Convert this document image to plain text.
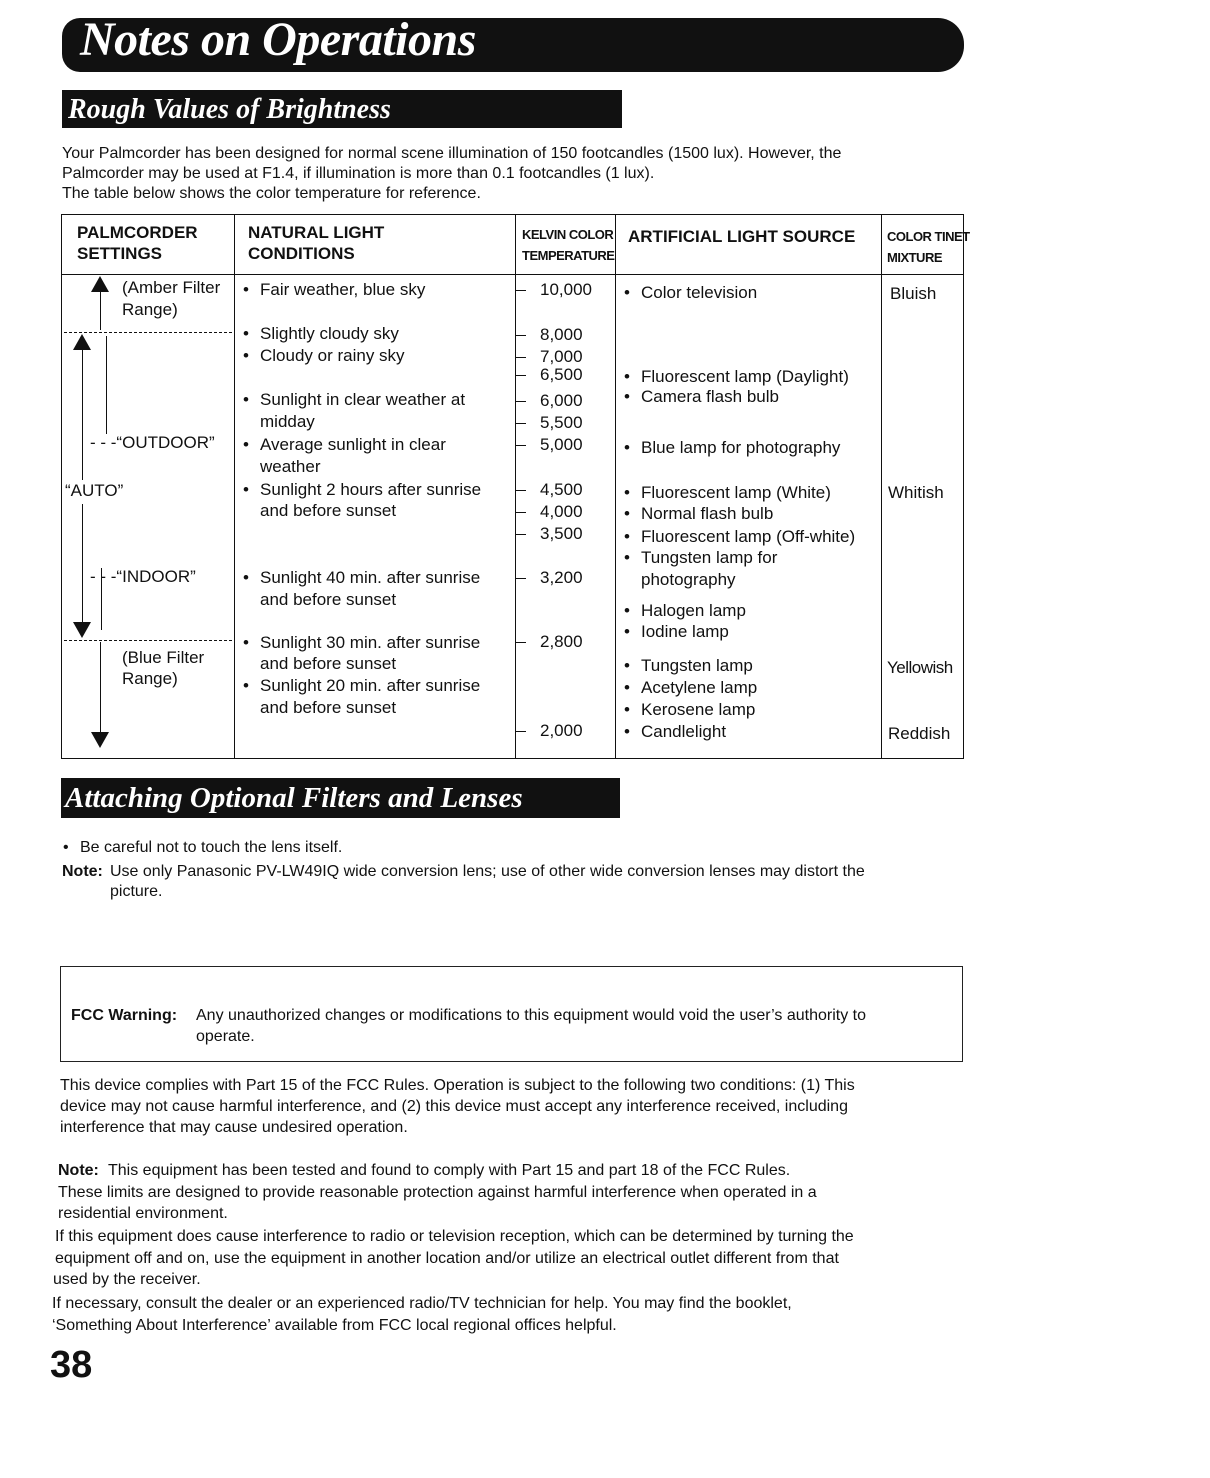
Notes on Operations
Rough Values of Brightness
Your Palmcorder has been designed for normal scene illumination of 150 footcandles (1500 lux). However, the
Palmcorder may be used at F1.4, if illumination is more than 0.1 footcandles (1 lux).
The table below shows the color temperature for reference.
PALMCORDER
SETTINGS
NATURAL LIGHT
CONDITIONS
KELVIN COLOR
TEMPERATURE
ARTIFICIAL LIGHT SOURCE COLOR TINET
MIXTURE
(Amber Filter
Range)
- - -“OUTDOOR”
“AUTO”
- - -“INDOOR”
(Blue Filter
Range)
• Fair weather, blue sky
• Slightly cloudy sky
• Cloudy or rainy sky
• Sunlight in clear weather at
midday
• Average sunlight in clear
weather
• Sunlight 2 hours after sunrise
and before sunset
• Sunlight 40 min. after sunrise
and before sunset
• Sunlight 30 min. after sunrise
and before sunset
• Sunlight 20 min. after sunrise
and before sunset
10,000
8,000
7,000
6,500
6,000
5,500
5,000
4,500
4,000
3,500
3,200
2,800
2,000
• Color television
• Fluorescent lamp (Daylight)
• Camera flash bulb
• Blue lamp for photography
• Fluorescent lamp (White)
• Normal flash bulb
• Fluorescent lamp (Off-white)
• Tungsten lamp for
photography
• Halogen lamp
• Iodine lamp
• Tungsten lamp
• Acetylene lamp
• Kerosene lamp
• Candlelight
Bluish
Whitish
Yellowish
Reddish
Attaching Optional Filters and Lenses
• Be careful not to touch the lens itself.
Note: Use only Panasonic PV-LW49IQ wide conversion lens; use of other wide conversion lenses may distort the
picture.
FCC Warning: Any unauthorized changes or modifications to this equipment would void the user’s authority to
operate.
This device complies with Part 15 of the FCC Rules. Operation is subject to the following two conditions: (1) This
device may not cause harmful interference, and (2) this device must accept any interference received, including
interference that may cause undesired operation.
Note: This equipment has been tested and found to comply with Part 15 and part 18 of the FCC Rules.
These limits are designed to provide reasonable protection against harmful interference when operated in a
residential environment.
If this equipment does cause interference to radio or television reception, which can be determined by turning the
equipment off and on, use the equipment in another location and/or utilize an electrical outlet different from that
used by the receiver.
If necessary, consult the dealer or an experienced radio/TV technician for help. You may find the booklet,
‘Something About Interference’ available from FCC local regional offices helpful.
38
